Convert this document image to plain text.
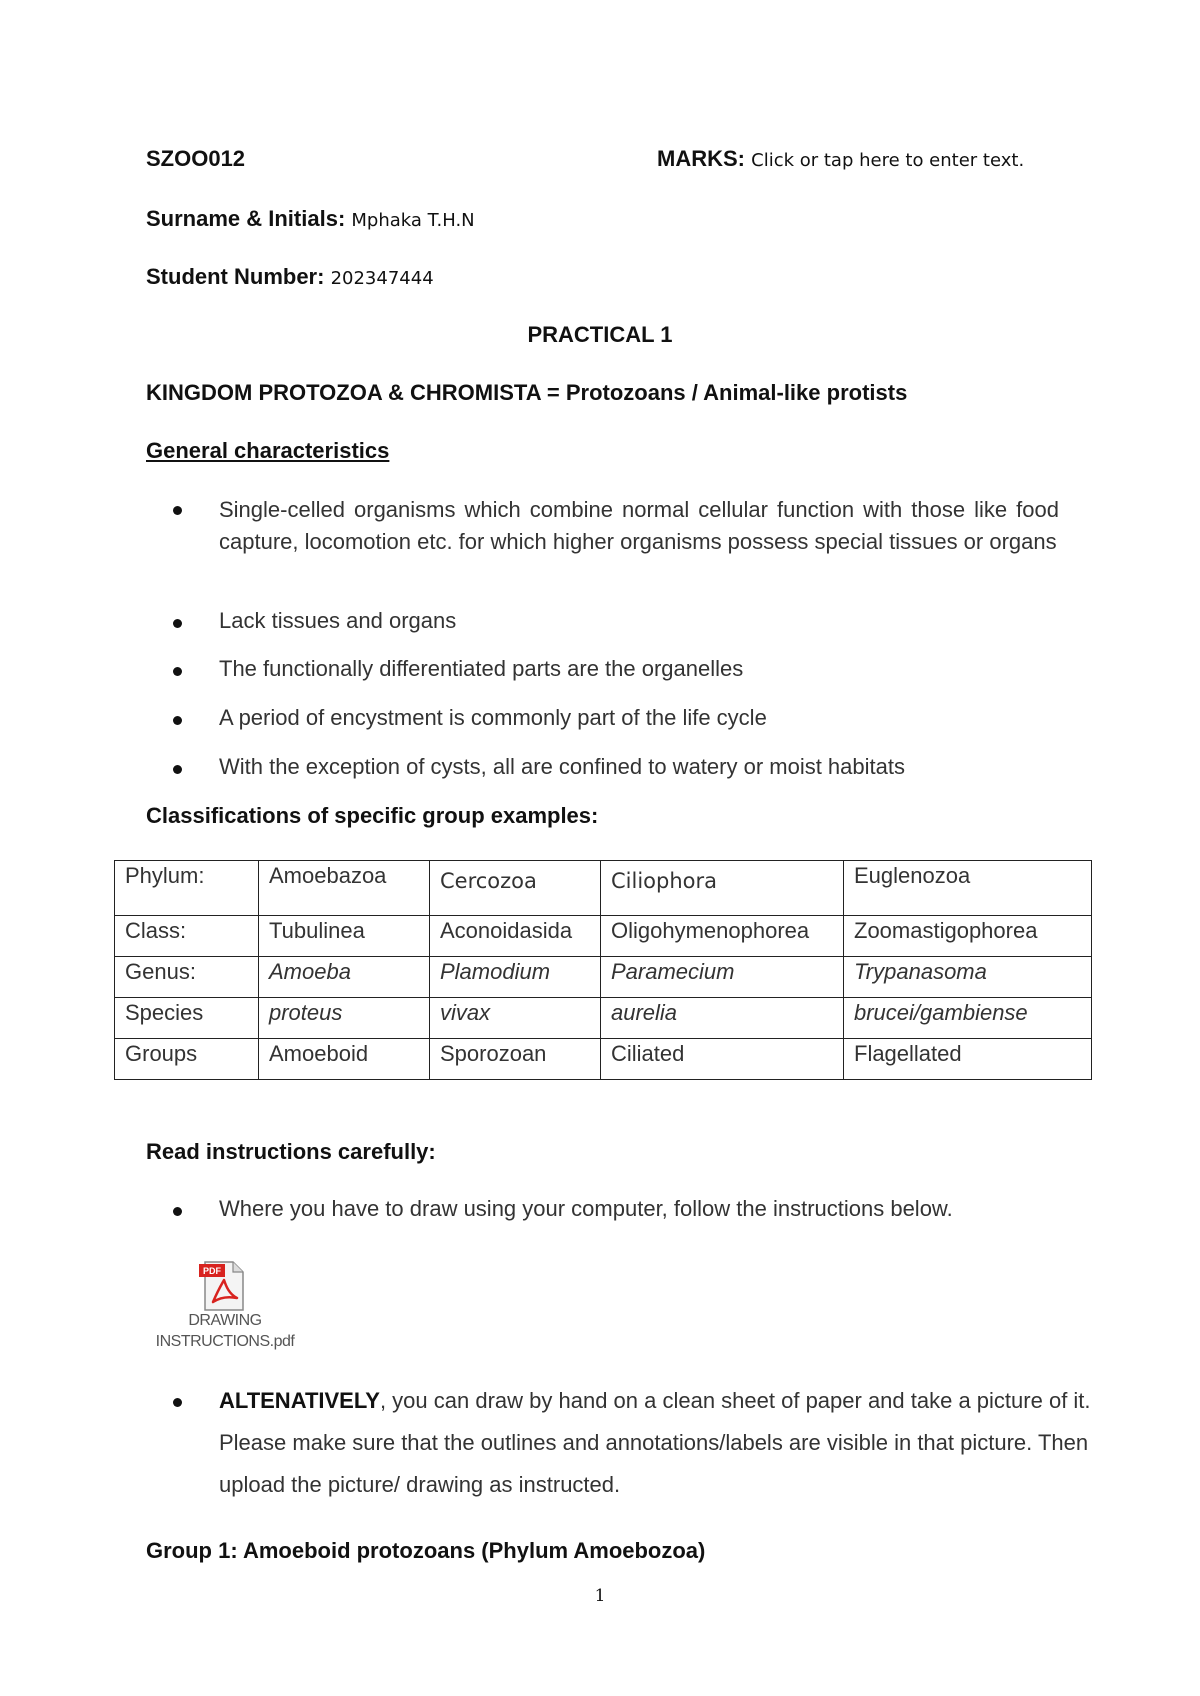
SZOO012	MARKS: Click or tap here to enter text.
Surname & Initials: Mphaka T.H.N
Student Number: 202347444
PRACTICAL 1
KINGDOM PROTOZOA & CHROMISTA = Protozoans / Animal-like protists
General characteristics
Single-celled organisms which combine normal cellular function with those like food capture, locomotion etc. for which higher organisms possess special tissues or organs
Lack tissues and organs
The functionally differentiated parts are the organelles
A period of encystment is commonly part of the life cycle
With the exception of cysts, all are confined to watery or moist habitats
Classifications of specific group examples:
Phylum:	Amoebazoa	Cercozoa	Ciliophora	Euglenozoa
Class:	Tubulinea	Aconoidasida	Oligohymenophorea	Zoomastigophorea
Genus:	Amoeba	Plamodium	Paramecium	Trypanasoma
Species	proteus	vivax	aurelia	brucei/gambiense
Groups	Amoeboid	Sporozoan	Ciliated	Flagellated
Read instructions carefully:
Where you have to draw using your computer, follow the instructions below.
PDF
DRAWING
INSTRUCTIONS.pdf
ALTENATIVELY, you can draw by hand on a clean sheet of paper and take a picture of it. Please make sure that the outlines and annotations/labels are visible in that picture. Then upload the picture/ drawing as instructed.
Group 1: Amoeboid protozoans (Phylum Amoebozoa)
1
